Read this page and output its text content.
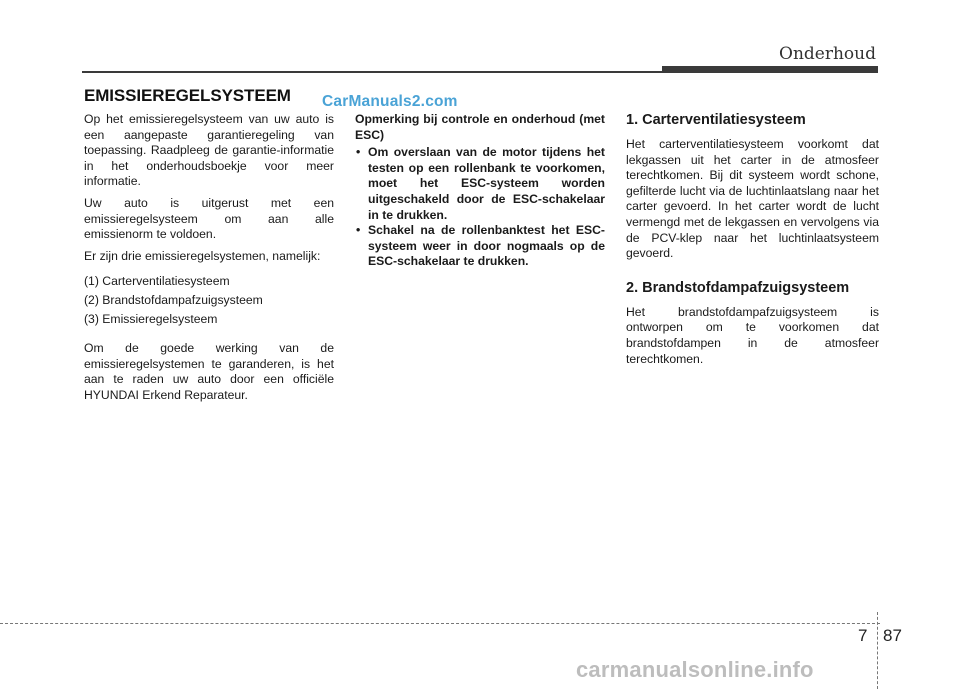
Onderhoud
EMISSIEREGELSYSTEEM CarManuals2.com

Op het emissieregelsysteem van uw auto is een aangepaste garantieregeling van toepassing. Raadpleeg de garantie-informatie in het onderhoudsboekje voor meer informatie.

Uw auto is uitgerust met een emissieregelsysteem om aan alle emissienorm te voldoen.

Er zijn drie emissieregelsystemen, namelijk:

(1) Carterventilatiesysteem

(2) Brandstofdampafzuigsysteem

(3) Emissieregelsysteem

Om de goede werking van de emissieregelsystemen te garanderen, is het aan te raden uw auto door een officiële HYUNDAI Erkend Reparateur.

Opmerking bij controle en onderhoud (met ESC)

• Om overslaan van de motor tijdens het testen op een rollenbank te voorkomen, moet het ESC-systeem worden uitgeschakeld door de ESC-schakelaar in te drukken.
• Schakel na de rollenbanktest het ESC-systeem weer in door nogmaals op de ESC-schakelaar te drukken.
1. Carterventilatiesysteem

Het carterventilatiesysteem voorkomt dat lekgassen uit het carter in de atmosfeer terechtkomen. Bij dit systeem wordt schone, gefilterde lucht via de luchtinlaatslang naar het carter gevoerd. In het carter wordt de lucht vermengd met de lekgassen en vervolgens via de PCV-klep naar het luchtinlaatsysteem gevoerd.

2. Brandstofdampafzuigsysteem

Het brandstofdampafzuigsysteem is ontworpen om te voorkomen dat brandstofdampen in de atmosfeer terechtkomen.

7 87
carmanualsonline.info
